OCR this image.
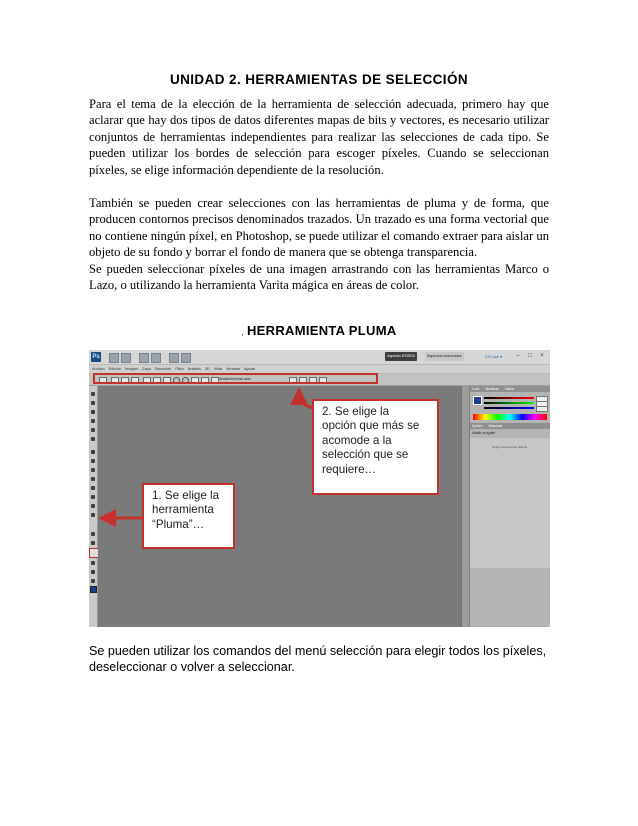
UNIDAD 2. HERRAMIENTAS DE SELECCIÓN

Para el tema de la elección de la herramienta de selección adecuada, primero hay que aclarar que hay dos tipos de datos diferentes mapas de bits y vectores, es necesario utilizar conjuntos de herramientas independientes para realizar las selecciones de cada tipo. Se pueden utilizar los bordes de selección para escoger píxeles. Cuando se seleccionan píxeles, se elige información dependiente de la resolución.

También se pueden crear selecciones con las herramientas de pluma y de forma, que producen contornos precisos denominados trazados. Un trazado es una forma vectorial que no contiene ningún píxel, en Photoshop, se puede utilizar el comando extraer para aislar un objeto de su fondo y borrar el fondo de manera que se obtenga transparencia.

Se pueden seleccionar píxeles de una imagen arrastrando con las herramientas Marco o Lazo, o utilizando la herramienta Varita mágica en áreas de color.

, HERRAMIENTA PLUMA
Ps	Aspecto ESSEN	Aspectos esenciales	CS Live ▾	–	□	×
Archivo Edición Imagen Capa Selección Filtro Análisis 3D Vista Ventana Ayuda
Añadir/eliminar auto
Color Muestras Estilos
Ajustes Máscaras
Añadir un ajuste
Ningún documento abierto
1. Se elige la
herramienta
“Pluma”…
2. Se elige la
opción que más se
acomode a la
selección que se
requiere…

Se pueden utilizar los comandos del menú selección para elegir todos los píxeles, deseleccionar o volver a seleccionar.
